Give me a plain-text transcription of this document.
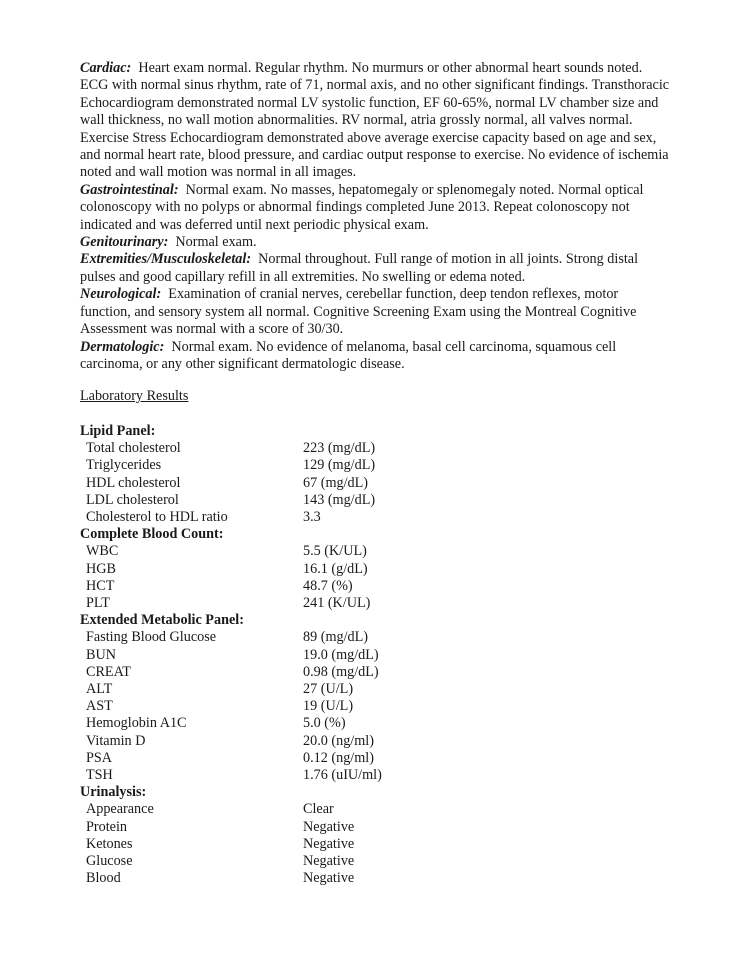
Cardiac: Heart exam normal. Regular rhythm. No murmurs or other abnormal heart sounds noted. ECG with normal sinus rhythm, rate of 71, normal axis, and no other significant findings. Transthoracic Echocardiogram demonstrated normal LV systolic function, EF 60-65%, normal LV chamber size and wall thickness, no wall motion abnormalities. RV normal, atria grossly normal, all valves normal. Exercise Stress Echocardiogram demonstrated above average exercise capacity based on age and sex, and normal heart rate, blood pressure, and cardiac output response to exercise. No evidence of ischemia noted and wall motion was normal in all images.

Gastrointestinal: Normal exam. No masses, hepatomegaly or splenomegaly noted. Normal optical colonoscopy with no polyps or abnormal findings completed June 2013. Repeat colonoscopy not indicated and was deferred until next periodic physical exam.

Genitourinary: Normal exam.

Extremities/Musculoskeletal: Normal throughout. Full range of motion in all joints. Strong distal pulses and good capillary refill in all extremities. No swelling or edema noted.

Neurological: Examination of cranial nerves, cerebellar function, deep tendon reflexes, motor function, and sensory system all normal. Cognitive Screening Exam using the Montreal Cognitive Assessment was normal with a score of 30/30.

Dermatologic: Normal exam. No evidence of melanoma, basal cell carcinoma, squamous cell carcinoma, or any other significant dermatologic disease.

Laboratory Results
Lipid Panel:
Total cholesterol	223 (mg/dL)
Triglycerides	129 (mg/dL)
HDL cholesterol	67 (mg/dL)
LDL cholesterol	143 (mg/dL)
Cholesterol to HDL ratio	3.3
Complete Blood Count:
WBC	5.5 (K/UL)
HGB	16.1 (g/dL)
HCT	48.7 (%)
PLT	241 (K/UL)
Extended Metabolic Panel:
Fasting Blood Glucose	89 (mg/dL)
BUN	19.0 (mg/dL)
CREAT	0.98 (mg/dL)
ALT	27 (U/L)
AST	19 (U/L)
Hemoglobin A1C	5.0 (%)
Vitamin D	20.0 (ng/ml)
PSA	0.12 (ng/ml)
TSH	1.76 (uIU/ml)
Urinalysis:
Appearance	Clear
Protein	Negative
Ketones	Negative
Glucose	Negative
Blood	Negative
